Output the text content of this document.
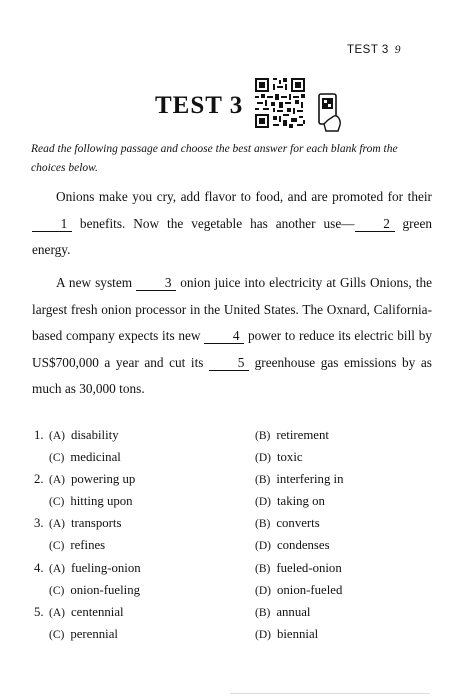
TEST 3 9
TEST 3
Read the following passage and choose the best answer for each blank from the choices below.

Onions make you cry, add flavor to food, and are promoted for their 1 benefits. Now the vegetable has another use— 2 green energy.

A new system 3 onion juice into electricity at Gills Onions, the largest fresh onion processor in the United States. The Oxnard, California-based company expects its new 4 power to reduce its electric bill by US$700,000 a year and cut its 5 greenhouse gas emissions by as much as 30,000 tons.

1. (A) disability	(B) retirement
(C) medicinal	(D) toxic
2. (A) powering up	(B) interfering in
(C) hitting upon	(D) taking on
3. (A) transports	(B) converts
(C) refines	(D) condenses
4. (A) fueling-onion	(B) fueled-onion
(C) onion-fueling	(D) onion-fueled
5. (A) centennial	(B) annual
(C) perennial	(D) biennial
